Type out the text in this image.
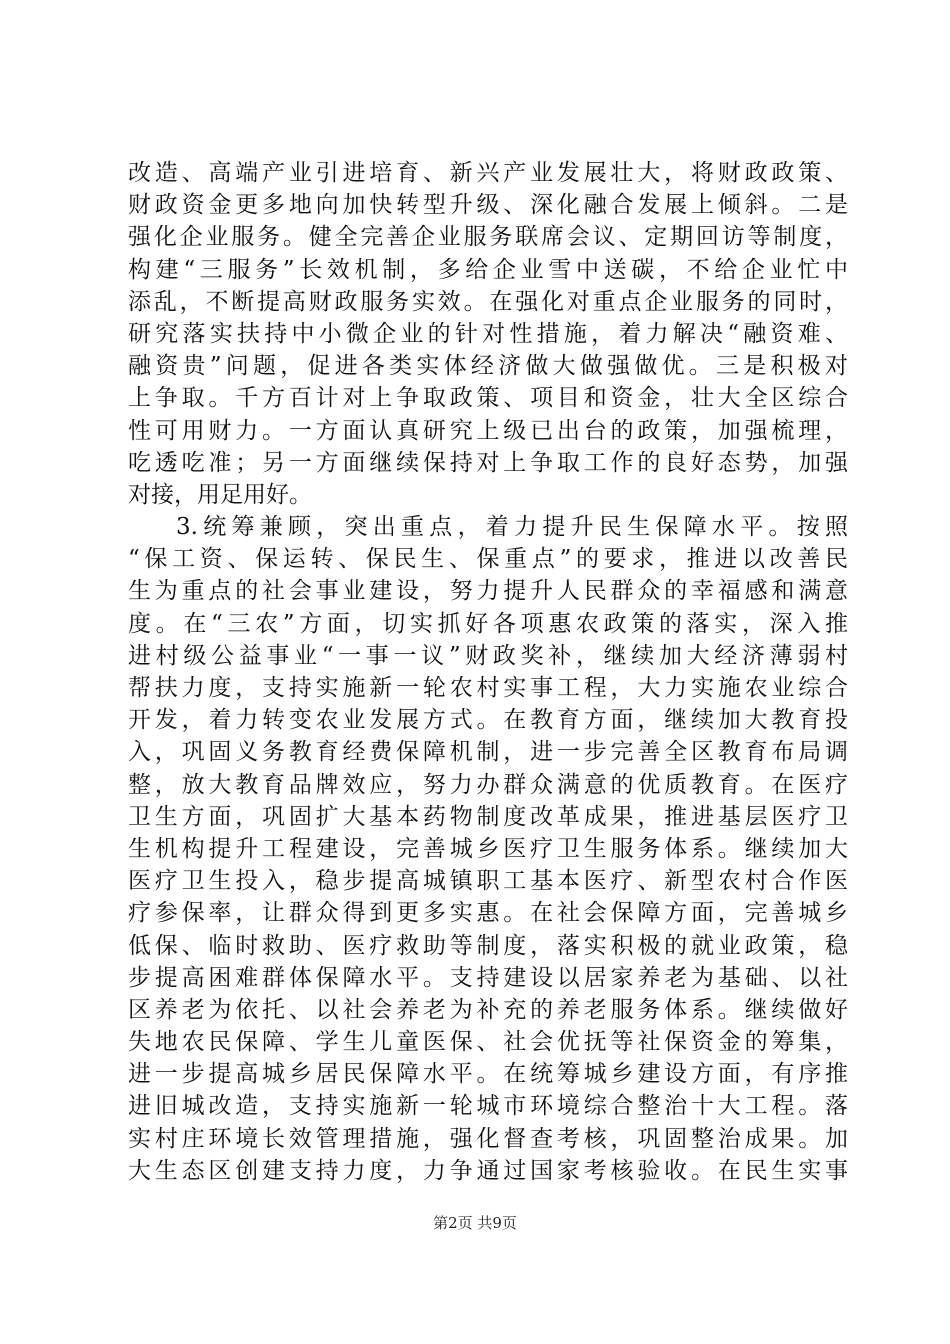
改造、高端产业引进培育、新兴产业发展壮大，将财政政策、
财政资金更多地向加快转型升级、深化融合发展上倾斜。二是
强化企业服务。健全完善企业服务联席会议、定期回访等制度，
构建“三服务”长效机制，多给企业雪中送碳，不给企业忙中
添乱，不断提高财政服务实效。在强化对重点企业服务的同时，
研究落实扶持中小微企业的针对性措施，着力解决“融资难、
融资贵”问题，促进各类实体经济做大做强做优。三是积极对
上争取。千方百计对上争取政策、项目和资金，壮大全区综合
性可用财力。一方面认真研究上级已出台的政策，加强梳理，
吃透吃准；另一方面继续保持对上争取工作的良好态势，加强
对接，用足用好。
3.统筹兼顾，突出重点，着力提升民生保障水平。按照
“保工资、保运转、保民生、保重点”的要求，推进以改善民
生为重点的社会事业建设，努力提升人民群众的幸福感和满意
度。在“三农”方面，切实抓好各项惠农政策的落实，深入推
进村级公益事业“一事一议”财政奖补，继续加大经济薄弱村
帮扶力度，支持实施新一轮农村实事工程，大力实施农业综合
开发，着力转变农业发展方式。在教育方面，继续加大教育投
入，巩固义务教育经费保障机制，进一步完善全区教育布局调
整，放大教育品牌效应，努力办群众满意的优质教育。在医疗
卫生方面，巩固扩大基本药物制度改革成果，推进基层医疗卫
生机构提升工程建设，完善城乡医疗卫生服务体系。继续加大
医疗卫生投入，稳步提高城镇职工基本医疗、新型农村合作医
疗参保率，让群众得到更多实惠。在社会保障方面，完善城乡
低保、临时救助、医疗救助等制度，落实积极的就业政策，稳
步提高困难群体保障水平。支持建设以居家养老为基础、以社
区养老为依托、以社会养老为补充的养老服务体系。继续做好
失地农民保障、学生儿童医保、社会优抚等社保资金的筹集，
进一步提高城乡居民保障水平。在统筹城乡建设方面，有序推
进旧城改造，支持实施新一轮城市环境综合整治十大工程。落
实村庄环境长效管理措施，强化督查考核，巩固整治成果。加
大生态区创建支持力度，力争通过国家考核验收。在民生实事
第2页 共9页
